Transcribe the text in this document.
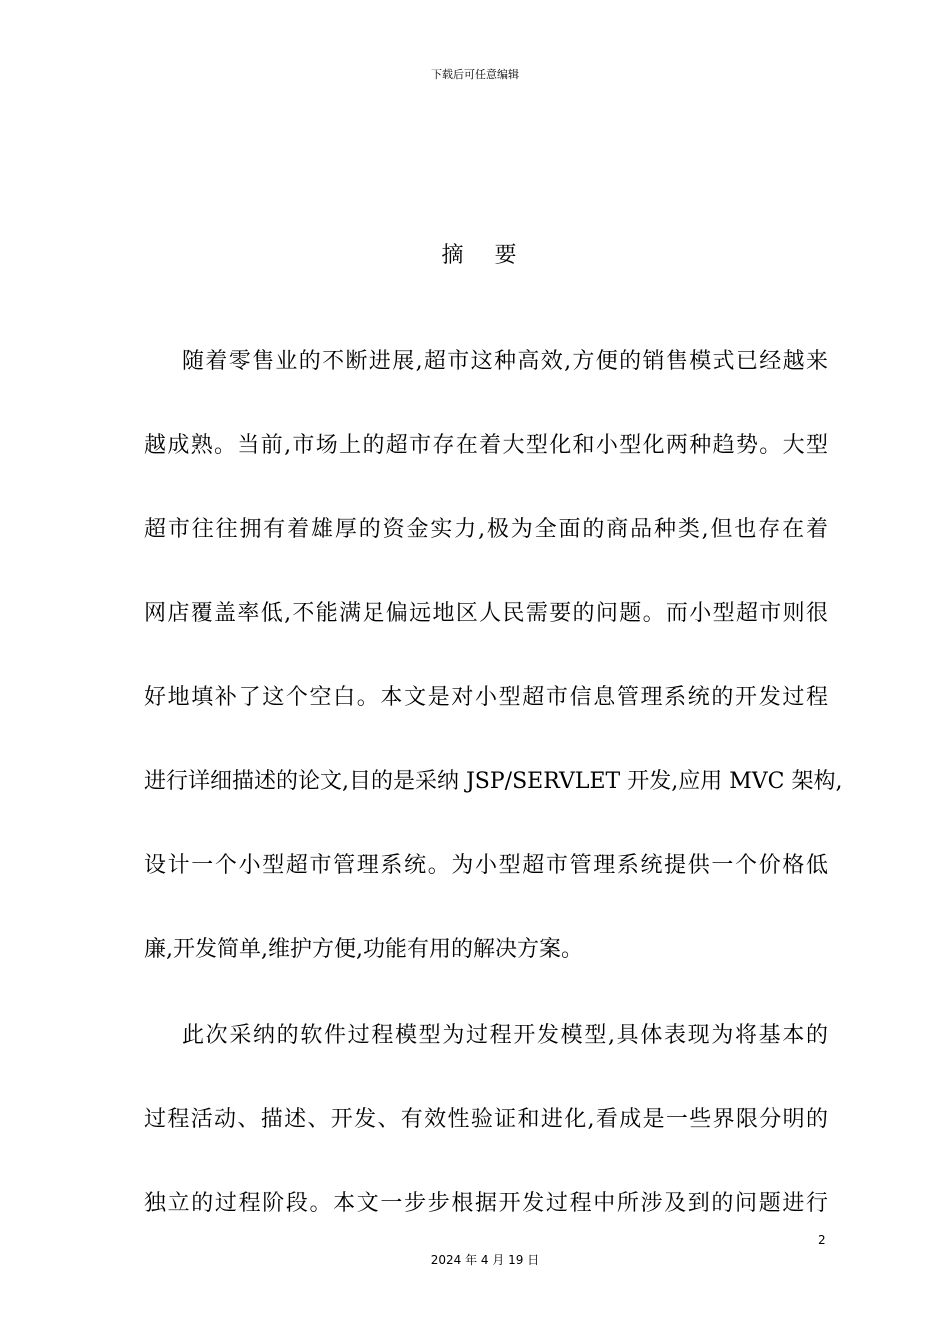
下载后可任意编辑
摘 要
随着零售业的不断进展,超市这种高效,方便的销售模式已经越来
越成熟。当前,市场上的超市存在着大型化和小型化两种趋势。大型
超市往往拥有着雄厚的资金实力,极为全面的商品种类,但也存在着
网店覆盖率低,不能满足偏远地区人民需要的问题。而小型超市则很
好地填补了这个空白。本文是对小型超市信息管理系统的开发过程
进行详细描述的论文,目的是采纳 JSP/SERVLET 开发,应用 MVC 架构,
设计一个小型超市管理系统。为小型超市管理系统提供一个价格低
廉,开发简单,维护方便,功能有用的解决方案。
此次采纳的软件过程模型为过程开发模型,具体表现为将基本的
过程活动、描述、开发、有效性验证和进化,看成是一些界限分明的
独立的过程阶段。本文一步步根据开发过程中所涉及到的问题进行
2
2024 年 4 月 19 日
